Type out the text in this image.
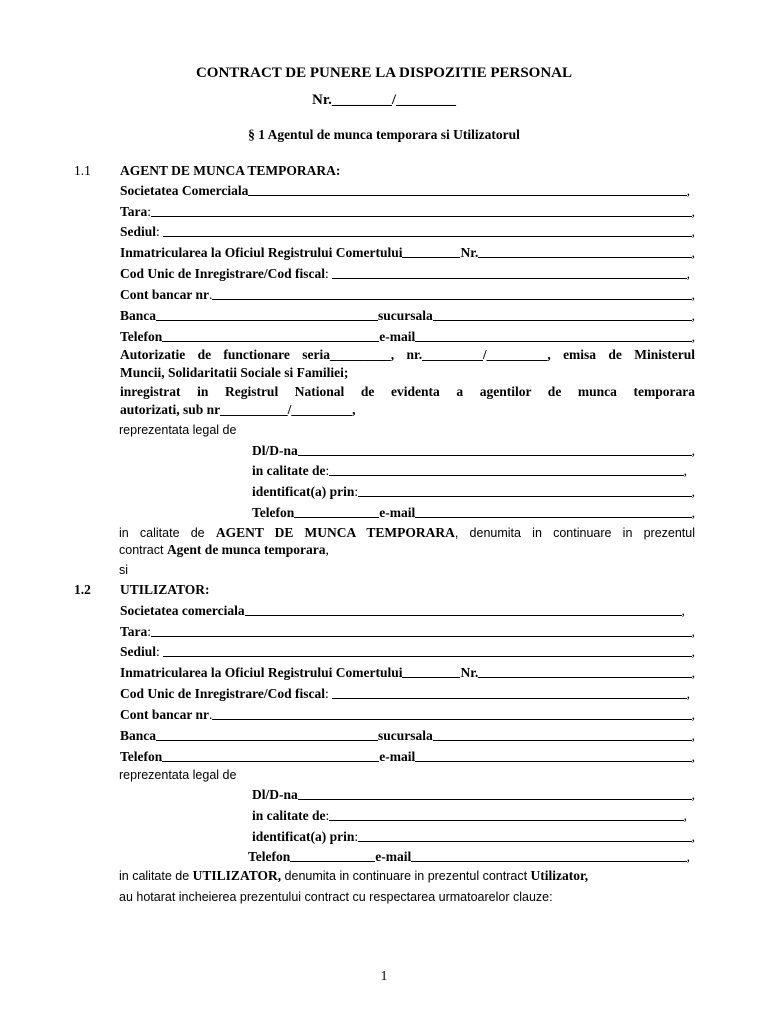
CONTRACT DE PUNERE LA DISPOZITIE PERSONAL
Nr.________/________
§ 1 Agentul de munca temporara si Utilizatorul
1.1 AGENT DE MUNCA TEMPORARA:
Societatea Comerciala	,
Tara :	,
Sediul :	,
Inmatricularea la Oficiul Registrului Comertului	Nr.	,
Cod Unic de Inregistrare/Cod fiscal :	,
Cont bancar nr .	,
Banca	sucursala	,
Telefon	e-mail	,
Autorizatie de functionare seria_________, nr._________/_________, emisa de Ministerul
Muncii, Solidaritatii Sociale si Familiei;
inregistrat in Registrul National de evidenta a agentilor de munca temporara
autorizati, sub nr__________/_________,
reprezentata legal de
Dl/D-na	,
in calitate de :	,
identificat(a) prin :	,
Telefon	e-mail	,
in calitate de AGENT DE MUNCA TEMPORARA, denumita in continuare in prezentul
contract Agent de munca temporara,
si
1.2 UTILIZATOR:
Societatea comerciala	,
Tara :	,
Sediul :	,
Inmatricularea la Oficiul Registrului Comertului	Nr.	,
Cod Unic de Inregistrare/Cod fiscal :	,
Cont bancar nr .	,
Banca	sucursala	,
Telefon	e-mail	,
reprezentata legal de
Dl/D-na	,
in calitate de :	,
identificat(a) prin :	,
Telefon	e-mail	,
in calitate de UTILIZATOR, denumita in continuare in prezentul contract Utilizator,
au hotarat incheierea prezentului contract cu respectarea urmatoarelor clauze:
1
